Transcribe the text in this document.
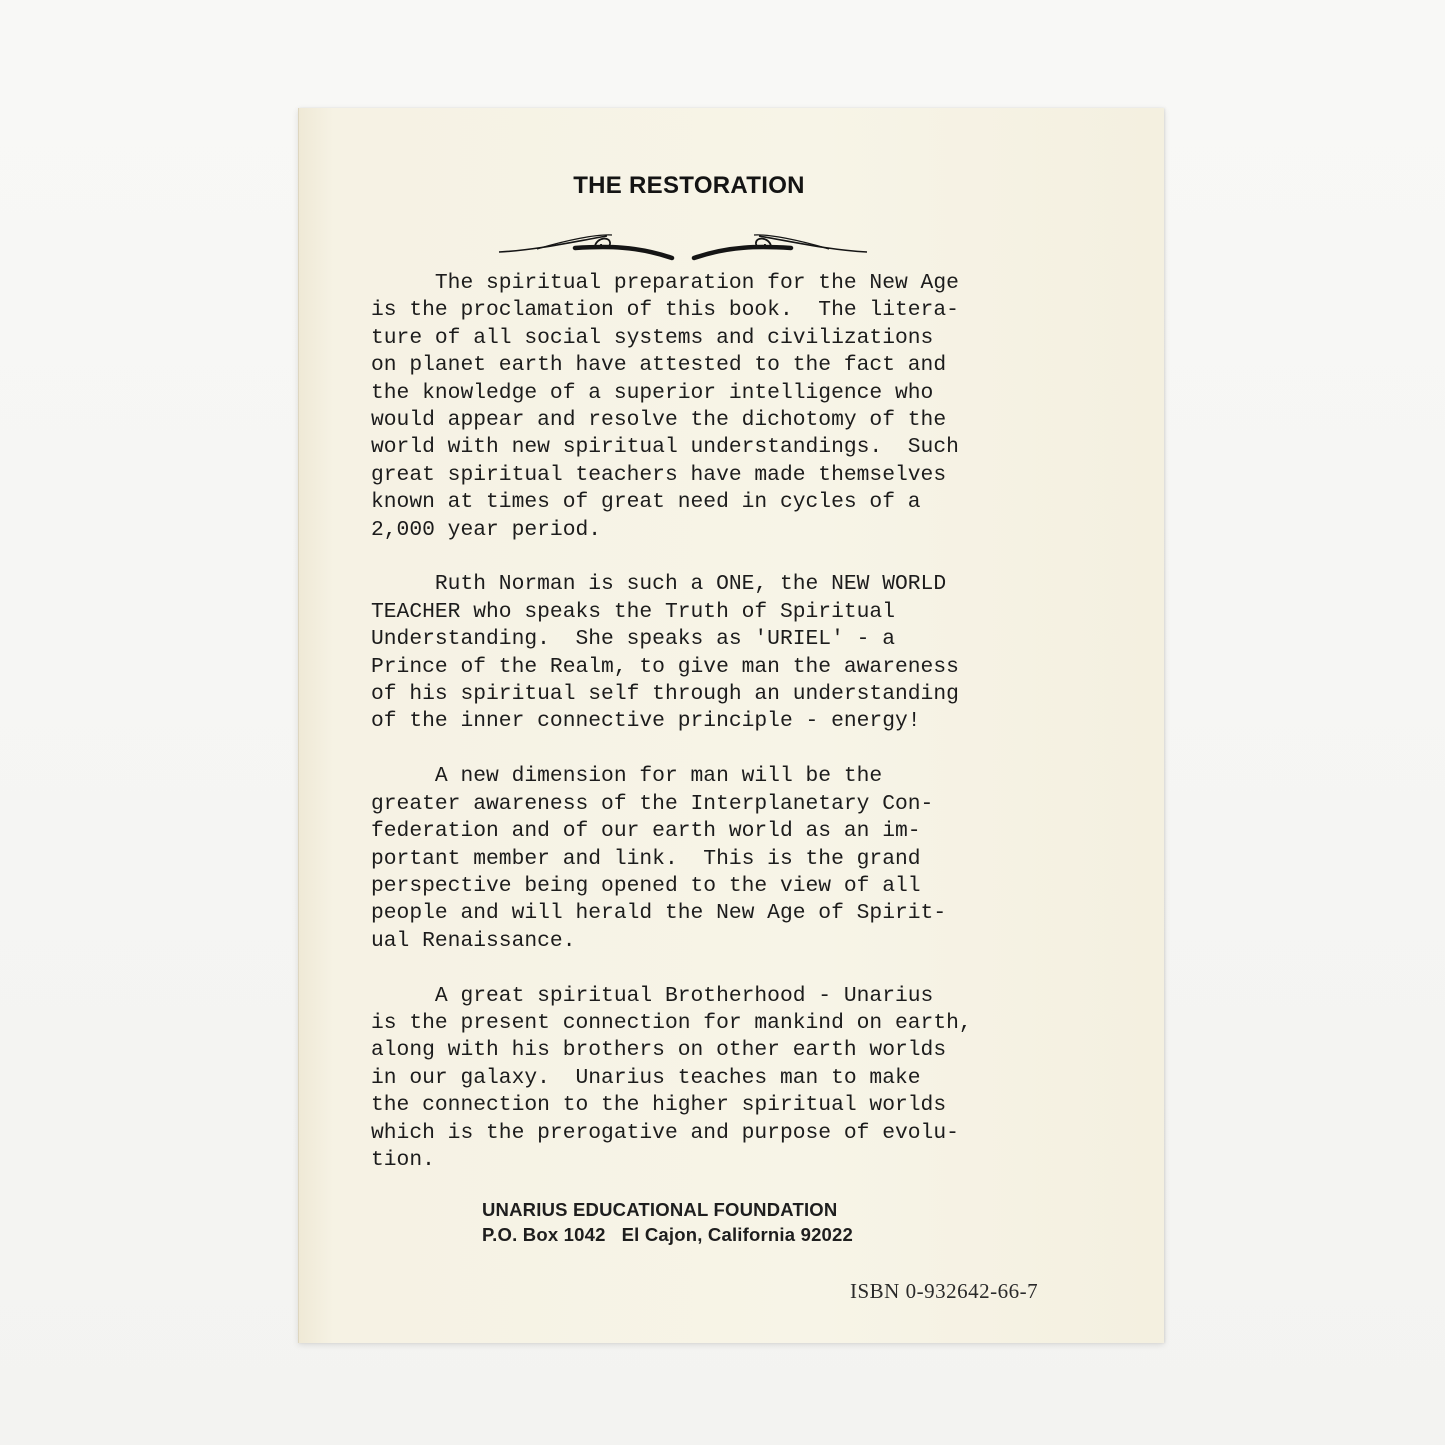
THE RESTORATION

The spiritual preparation for the New Age
is the proclamation of this book.  The litera-
ture of all social systems and civilizations
on planet earth have attested to the fact and
the knowledge of a superior intelligence who
would appear and resolve the dichotomy of the
world with new spiritual understandings.  Such
great spiritual teachers have made themselves
known at times of great need in cycles of a
2,000 year period.

Ruth Norman is such a ONE, the NEW WORLD
TEACHER who speaks the Truth of Spiritual
Understanding.  She speaks as 'URIEL' - a
Prince of the Realm, to give man the awareness
of his spiritual self through an understanding
of the inner connective principle - energy!

A new dimension for man will be the
greater awareness of the Interplanetary Con-
federation and of our earth world as an im-
portant member and link.  This is the grand
perspective being opened to the view of all
people and will herald the New Age of Spirit-
ual Renaissance.

A great spiritual Brotherhood - Unarius
is the present connection for mankind on earth,
along with his brothers on other earth worlds
in our galaxy.  Unarius teaches man to make
the connection to the higher spiritual worlds
which is the prerogative and purpose of evolu-
tion.

UNARIUS EDUCATIONAL FOUNDATION
P.O. Box 1042   El Cajon, California 92022
ISBN 0-932642-66-7
